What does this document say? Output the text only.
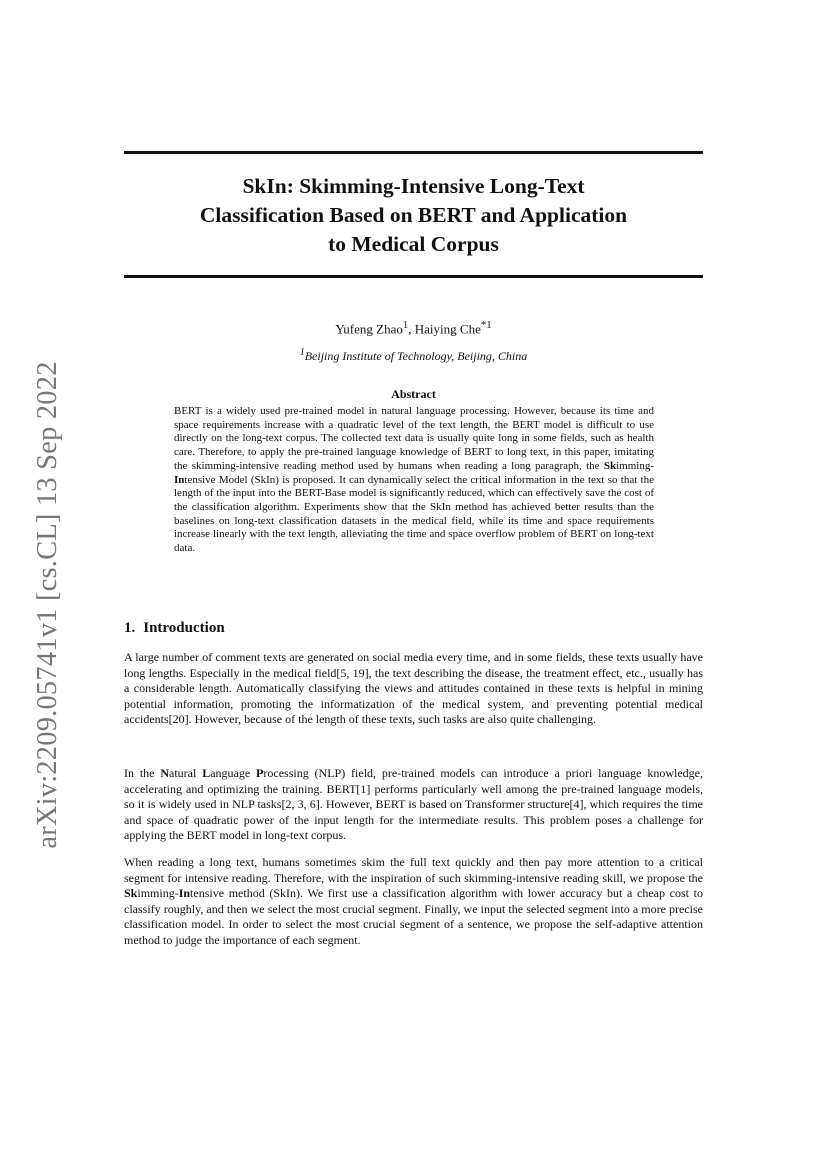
arXiv:2209.05741v1 [cs.CL] 13 Sep 2022
SkIn: Skimming-Intensive Long-Text
Classification Based on BERT and Application
to Medical Corpus
Yufeng Zhao$^1$, Haiying Che$^{*1}$
$^1$Beijing Institute of Technology, Beijing, China
Abstract
BERT is a widely used pre-trained model in natural language processing. However, because its time and space requirements increase with a quadratic level of the text length, the BERT model is difficult to use directly on the long-text corpus. The collected text data is usually quite long in some fields, such as health care. Therefore, to apply the pre-trained language knowledge of BERT to long text, in this paper, imitating the skimming-intensive reading method used by humans when reading a long paragraph, the Skimming-Intensive Model (SkIn) is proposed. It can dynamically select the critical information in the text so that the length of the input into the BERT-Base model is significantly reduced, which can effectively save the cost of the classification algorithm. Experiments show that the SkIn method has achieved better results than the baselines on long-text classification datasets in the medical field, while its time and space requirements increase linearly with the text length, alleviating the time and space overflow problem of BERT on long-text data.
1. Introduction
A large number of comment texts are generated on social media every time, and in some fields, these texts usually have long lengths. Especially in the medical field[5, 19], the text describing the disease, the treatment effect, etc., usually has a considerable length. Automatically classifying the views and attitudes contained in these texts is helpful in mining potential information, promoting the informatization of the medical system, and preventing potential medical accidents[20]. However, because of the length of these texts, such tasks are also quite challenging.
In the Natural Language Processing (NLP) field, pre-trained models can introduce a priori language knowledge, accelerating and optimizing the training. BERT[1] performs particularly well among the pre-trained language models, so it is widely used in NLP tasks[2, 3, 6]. However, BERT is based on Transformer structure[4], which requires the time and space of quadratic power of the input length for the intermediate results. This problem poses a challenge for applying the BERT model in long-text corpus.
When reading a long text, humans sometimes skim the full text quickly and then pay more attention to a critical segment for intensive reading. Therefore, with the inspiration of such skimming-intensive reading skill, we propose the Skimming-Intensive method (SkIn). We first use a classification algorithm with lower accuracy but a cheap cost to classify roughly, and then we select the most crucial segment. Finally, we input the selected segment into a more precise classification model. In order to select the most crucial segment of a sentence, we propose the self-adaptive attention method to judge the importance of each segment.
